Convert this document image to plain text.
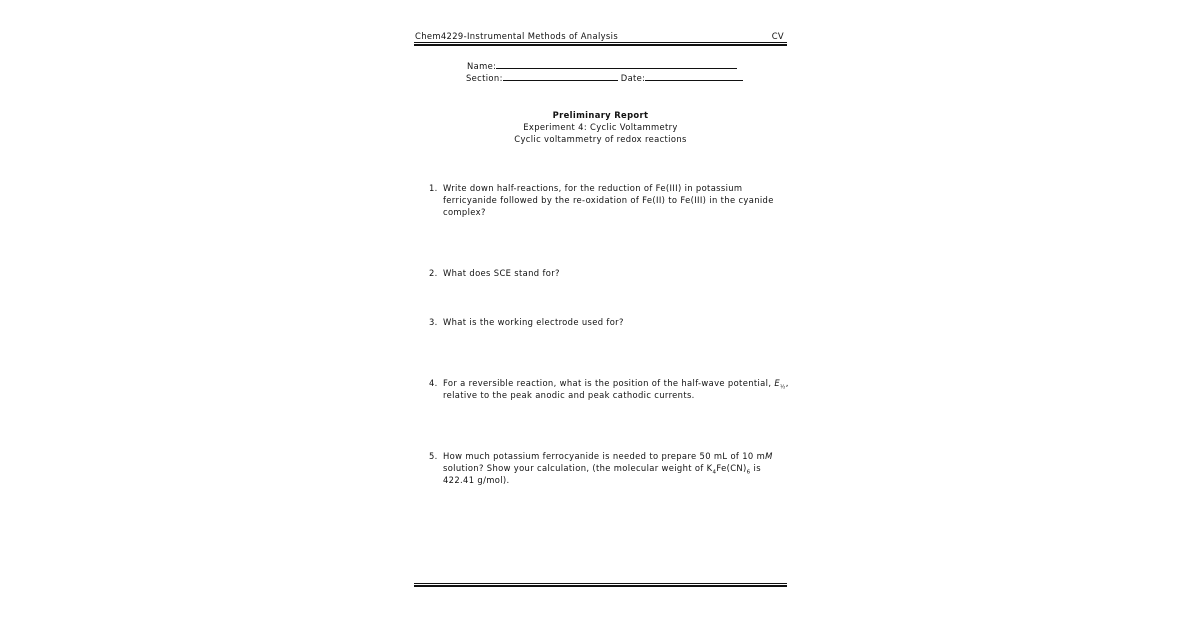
Chem4229-Instrumental Methods of Analysis	CV
Name:
Section:	Date:
Preliminary Report
Experiment 4: Cyclic Voltammetry
Cyclic voltammetry of redox reactions
1. Write down half-reactions, for the reduction of Fe(III) in potassium ferricyanide followed by the re-oxidation of Fe(II) to Fe(III) in the cyanide complex?
2. What does SCE stand for?
3. What is the working electrode used for?
4. For a reversible reaction, what is the position of the half-wave potential, $E_{\frac{1}{2}}$, relative to the peak anodic and peak cathodic currents.
5. How much potassium ferrocyanide is needed to prepare 50 mL of 10 mM solution? Show your calculation, (the molecular weight of $K_4Fe(CN)_6$ is 422.41 g/mol).
